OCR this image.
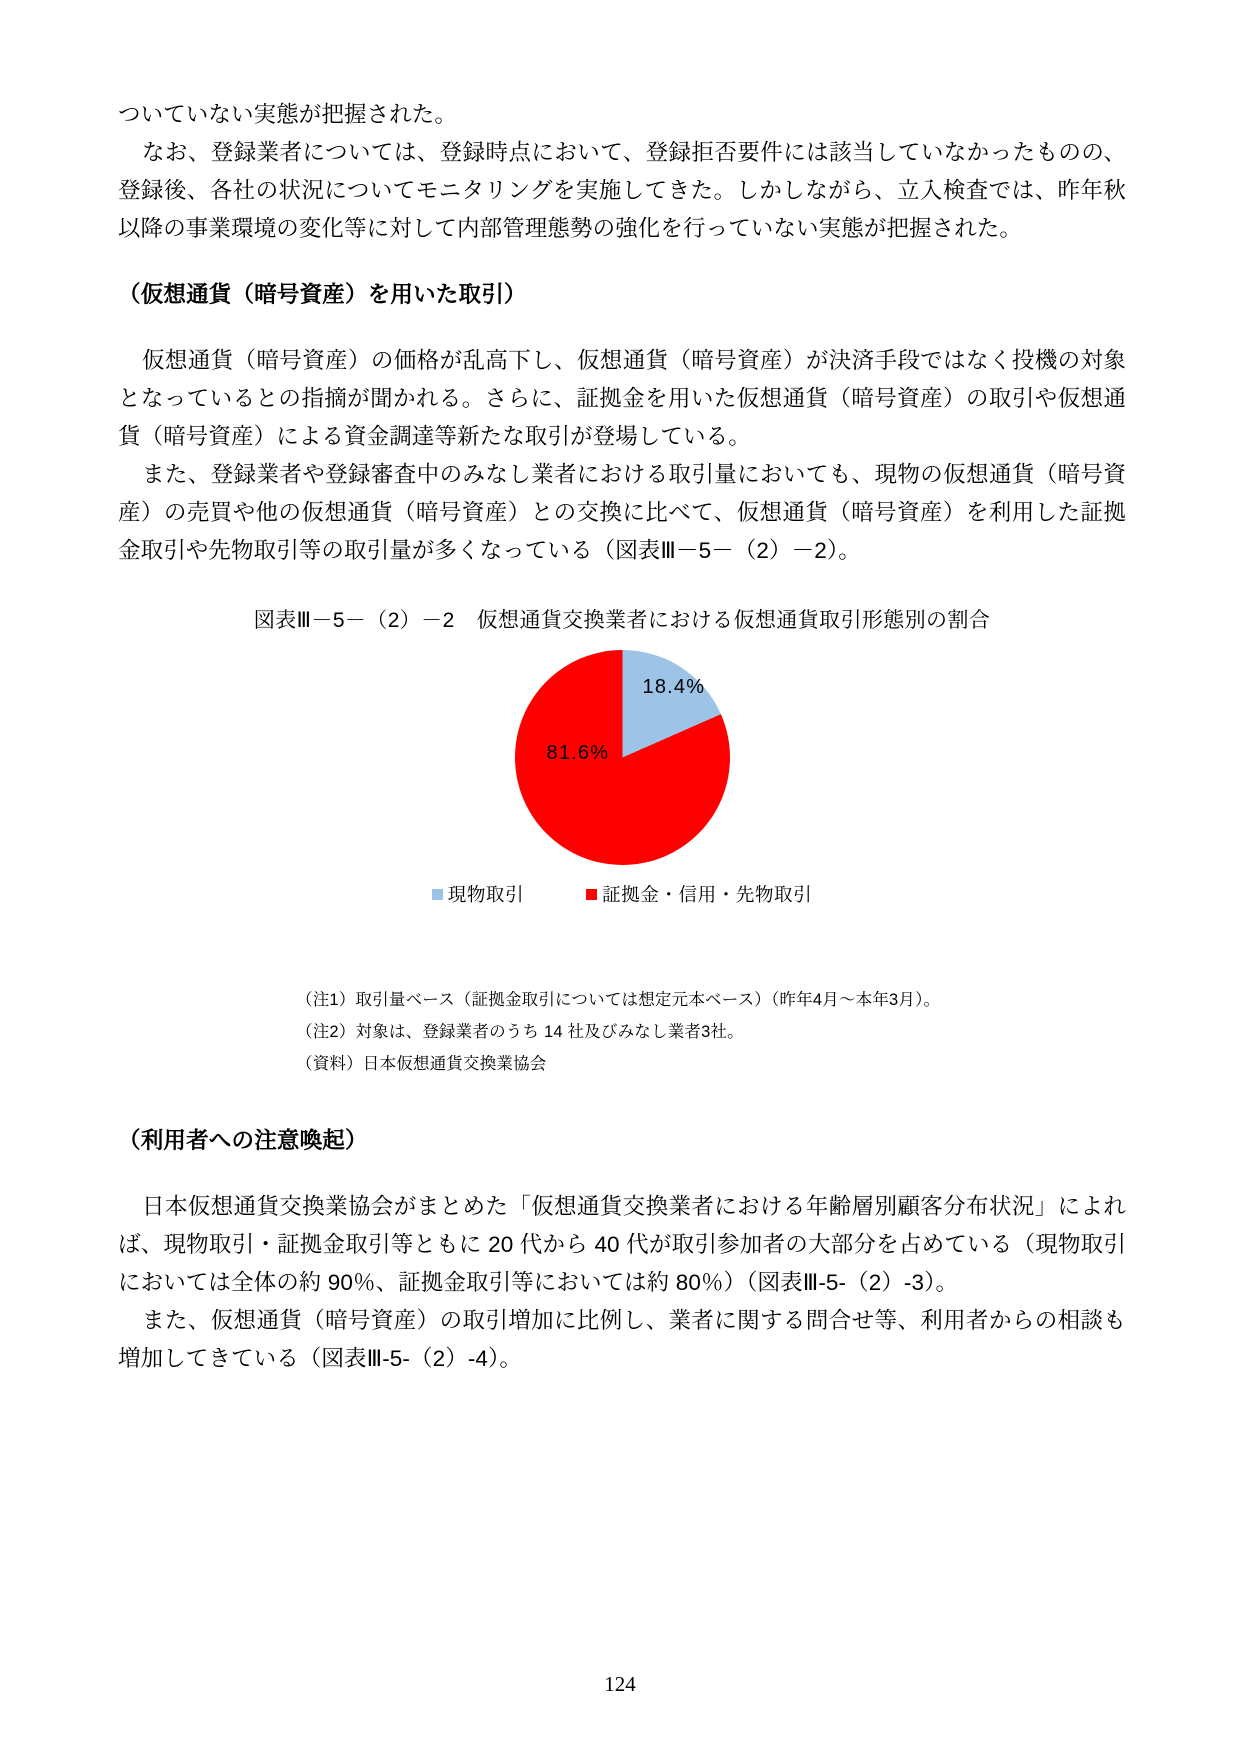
ついていない実態が把握された。

なお、登録業者については、登録時点において、登録拒否要件には該当していなかったものの、登録後、各社の状況についてモニタリングを実施してきた。しかしながら、立入検査では、昨年秋以降の事業環境の変化等に対して内部管理態勢の強化を行っていない実態が把握された。

（仮想通貨（暗号資産）を用いた取引）

仮想通貨（暗号資産）の価格が乱高下し、仮想通貨（暗号資産）が決済手段ではなく投機の対象となっているとの指摘が聞かれる。さらに、証拠金を用いた仮想通貨（暗号資産）の取引や仮想通貨（暗号資産）による資金調達等新たな取引が登場している。

また、登録業者や登録審査中のみなし業者における取引量においても、現物の仮想通貨（暗号資産）の売買や他の仮想通貨（暗号資産）との交換に比べて、仮想通貨（暗号資産）を利用した証拠金取引や先物取引等の取引量が多くなっている（図表Ⅲ－5－（2）－2）。

図表Ⅲ－5－（2）－2 仮想通貨交換業者における仮想通貨取引形態別の割合
18.4%
81.6%
現物取引	証拠金・信用・先物取引
（注1）取引量ベース（証拠金取引については想定元本ベース）（昨年4月～本年3月）。
（注2）対象は、登録業者のうち 14 社及びみなし業者3社。
（資料）日本仮想通貨交換業協会

（利用者への注意喚起）

日本仮想通貨交換業協会がまとめた「仮想通貨交換業者における年齢層別顧客分布状況」によれば、現物取引・証拠金取引等ともに 20 代から 40 代が取引参加者の大部分を占めている（現物取引においては全体の約 90％、証拠金取引等においては約 80％）（図表Ⅲ-5-（2）-3）。

また、仮想通貨（暗号資産）の取引増加に比例し、業者に関する問合せ等、利用者からの相談も増加してきている（図表Ⅲ-5-（2）-4）。

124
